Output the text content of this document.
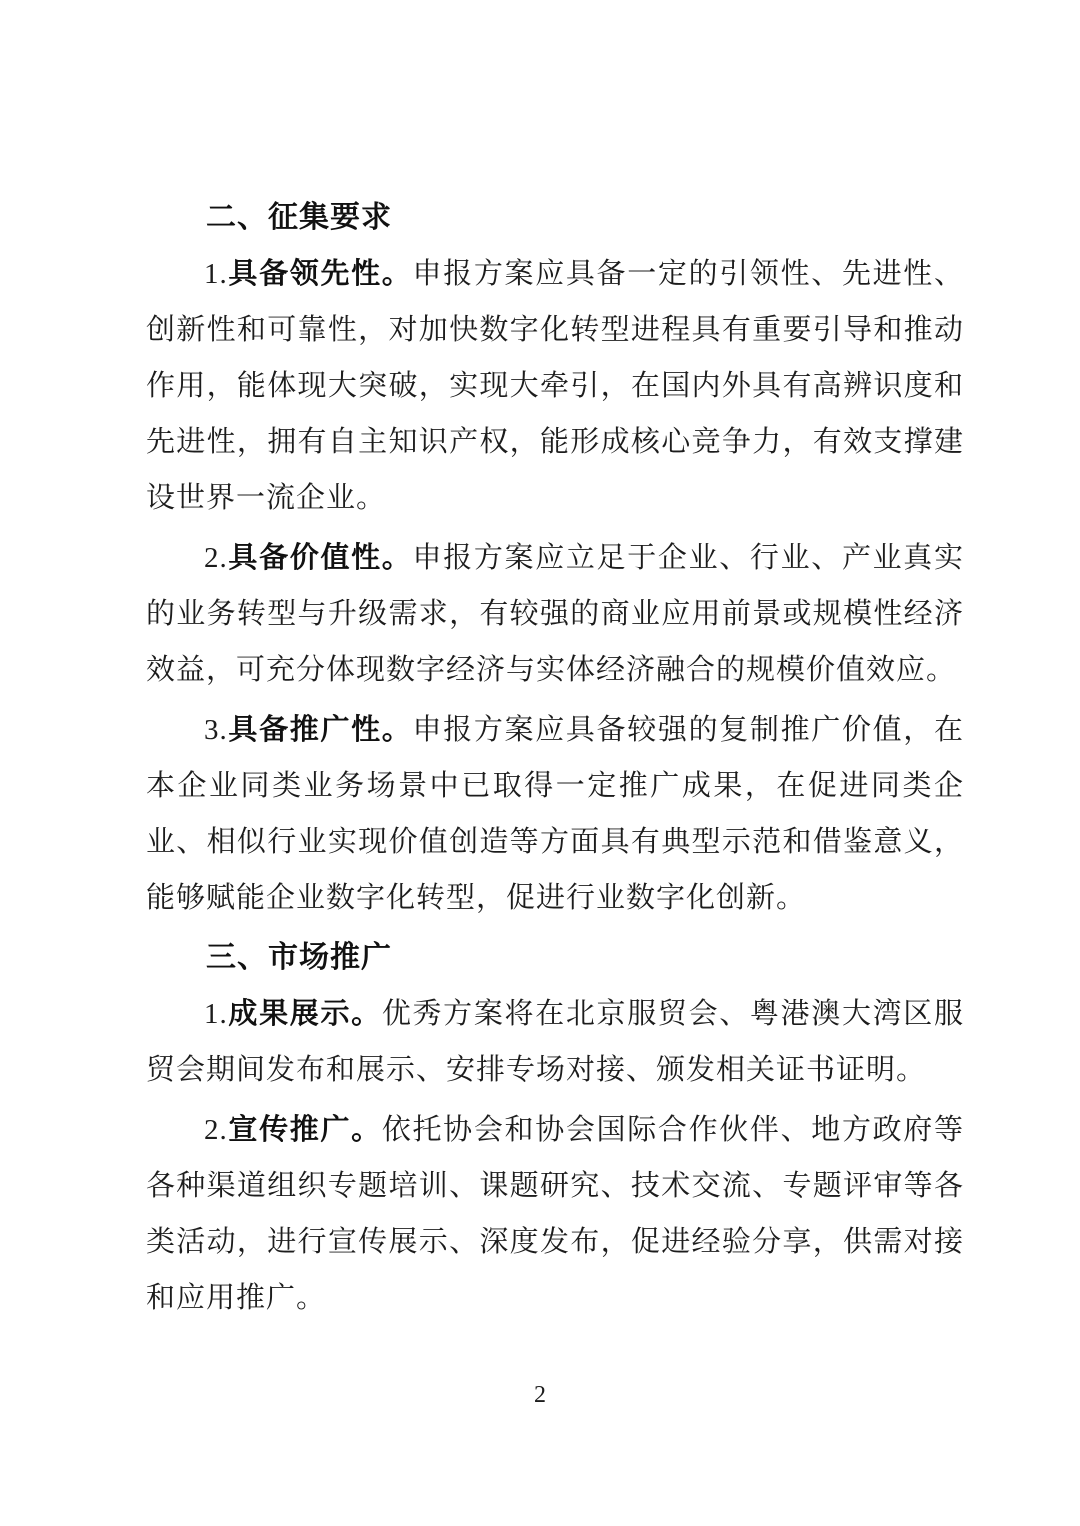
二、征集要求

1.具备领先性。申报方案应具备一定的引领性、先进性、创新性和可靠性，对加快数字化转型进程具有重要引导和推动作用，能体现大突破，实现大牵引，在国内外具有高辨识度和先进性，拥有自主知识产权，能形成核心竞争力，有效支撑建设世界一流企业。

2.具备价值性。申报方案应立足于企业、行业、产业真实的业务转型与升级需求，有较强的商业应用前景或规模性经济效益，可充分体现数字经济与实体经济融合的规模价值效应。

3.具备推广性。申报方案应具备较强的复制推广价值，在本企业同类业务场景中已取得一定推广成果，在促进同类企业、相似行业实现价值创造等方面具有典型示范和借鉴意义，能够赋能企业数字化转型，促进行业数字化创新。

三、市场推广

1.成果展示。优秀方案将在北京服贸会、粤港澳大湾区服贸会期间发布和展示、安排专场对接、颁发相关证书证明。

2.宣传推广。依托协会和协会国际合作伙伴、地方政府等各种渠道组织专题培训、课题研究、技术交流、专题评审等各类活动，进行宣传展示、深度发布，促进经验分享，供需对接和应用推广。

2
